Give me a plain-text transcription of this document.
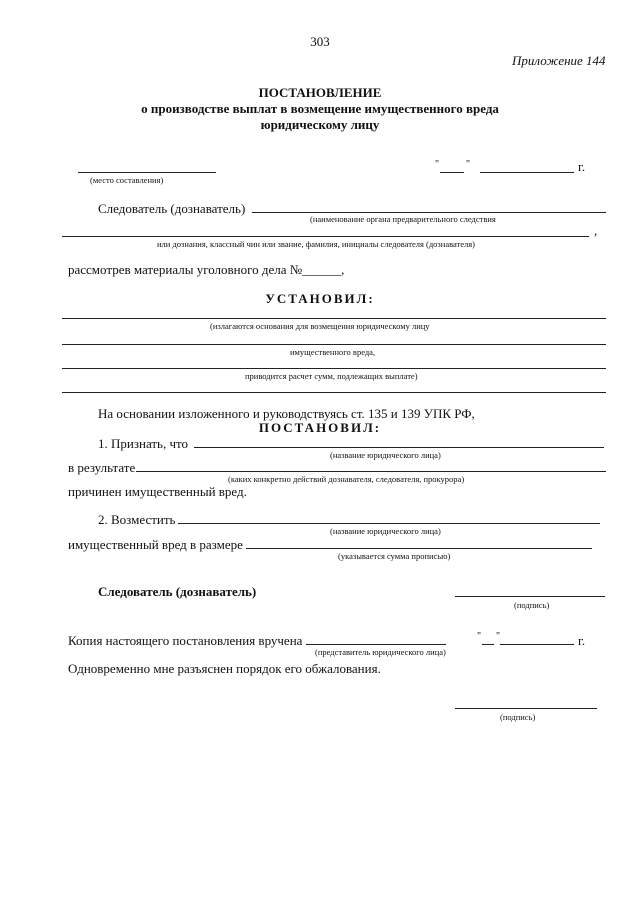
303
Приложение 144
ПОСТАНОВЛЕНИЕ
о производстве выплат в возмещение имущественного вреда
юридическому лицу
(место составления)
"	"	г.
Следователь (дознаватель)
(наименование органа предварительного следствия
,
или дознания, классный чин или звание, фамилия, инициалы следователя (дознавателя)
рассмотрев материалы уголовного дела №______,
УСТАНОВИЛ:
(излагаются основания для возмещения юридическому лицу
имущественного вреда,
приводится расчет сумм, подлежащих выплате)
На основании изложенного и руководствуясь ст. 135 и 139 УПК РФ,
ПОСТАНОВИЛ:
1. Признать, что
(название юридического лица)
в результате
(каких конкретно действий дознавателя, следователя, прокурора)
причинен имущественный вред.
2. Возместить
(название юридического лица)
имущественный вред в размере
(указывается сумма прописью)
Следователь (дознаватель)
(подпись)
Копия настоящего постановления вручена
(представитель юридического лица)
" "	г.
Одновременно мне разъяснен порядок его обжалования.
(подпись)
